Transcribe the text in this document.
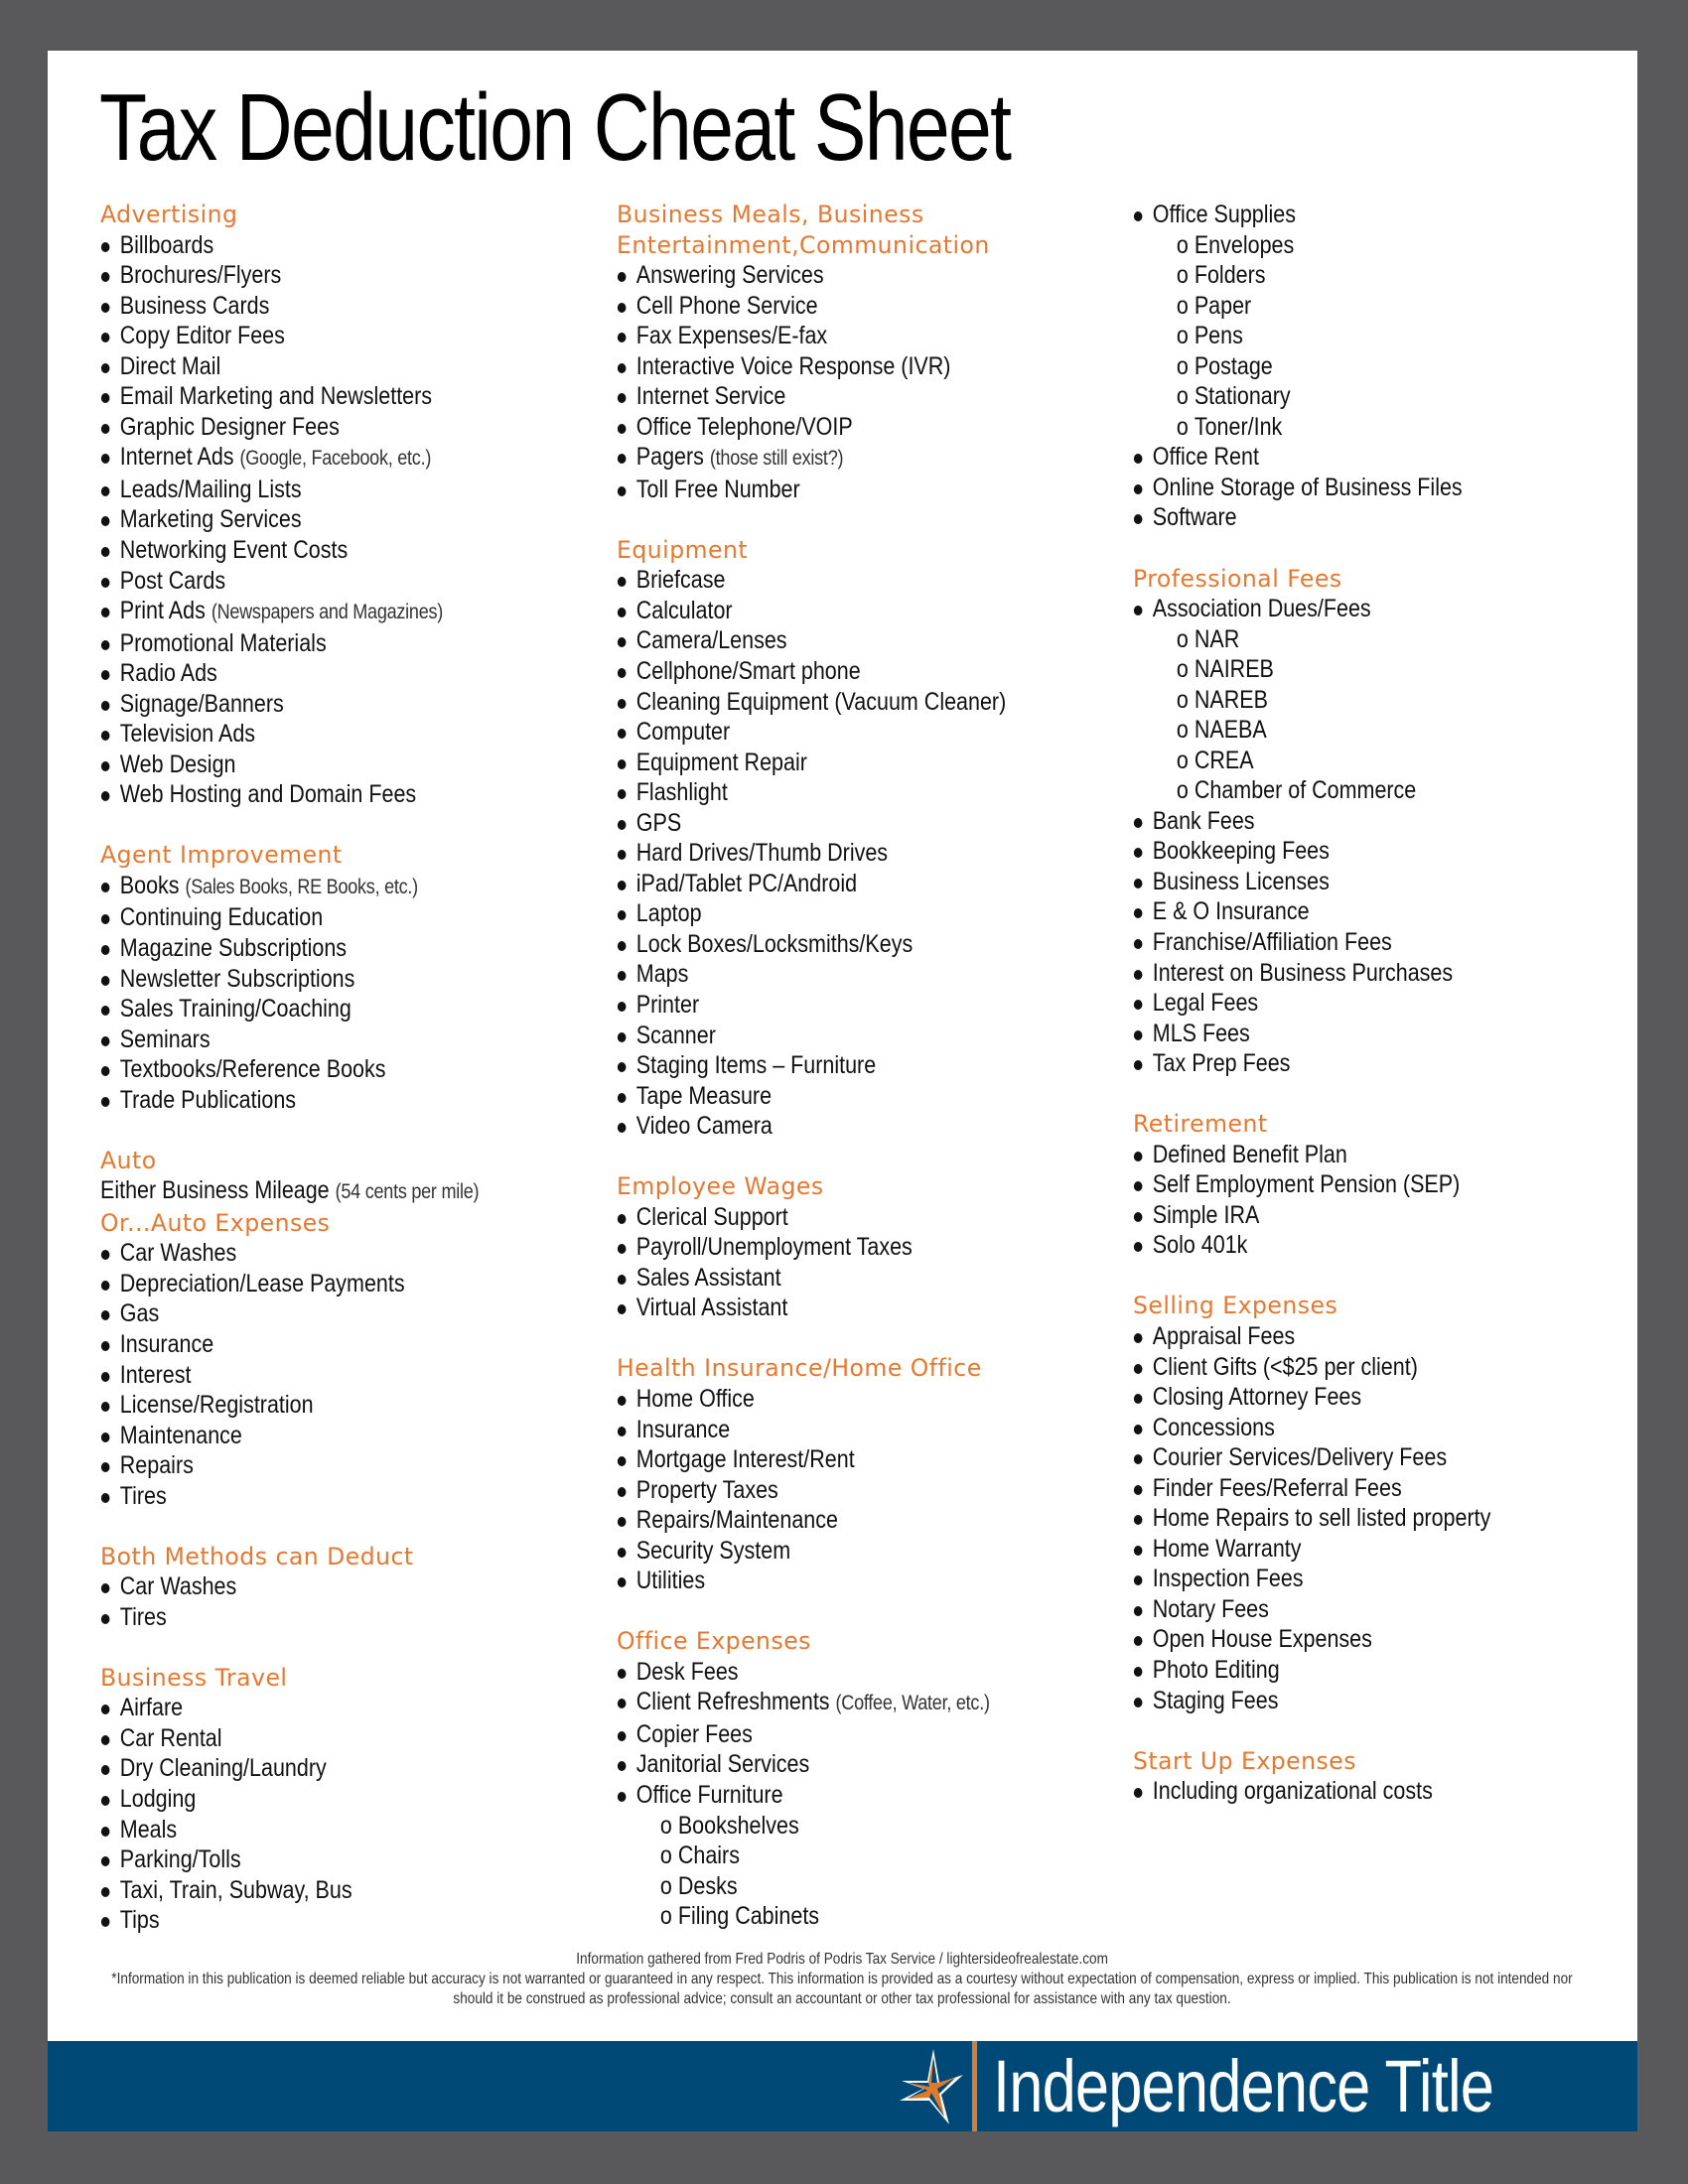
Tax Deduction Cheat Sheet
Advertising
Billboards
Brochures/Flyers
Business Cards
Copy Editor Fees
Direct Mail
Email Marketing and Newsletters
Graphic Designer Fees
Internet Ads (Google, Facebook, etc.)
Leads/Mailing Lists
Marketing Services
Networking Event Costs
Post Cards
Print Ads (Newspapers and Magazines)
Promotional Materials
Radio Ads
Signage/Banners
Television Ads
Web Design
Web Hosting and Domain Fees
Agent Improvement
Books (Sales Books, RE Books, etc.)
Continuing Education
Magazine Subscriptions
Newsletter Subscriptions
Sales Training/Coaching
Seminars
Textbooks/Reference Books
Trade Publications
Auto
Either Business Mileage (54 cents per mile)
Or...Auto Expenses
Car Washes
Depreciation/Lease Payments
Gas
Insurance
Interest
License/Registration
Maintenance
Repairs
Tires
Both Methods can Deduct
Car Washes
Tires
Business Travel
Airfare
Car Rental
Dry Cleaning/Laundry
Lodging
Meals
Parking/Tolls
Taxi, Train, Subway, Bus
Tips
Business Meals, Business
Entertainment,Communication
Answering Services
Cell Phone Service
Fax Expenses/E-fax
Interactive Voice Response (IVR)
Internet Service
Office Telephone/VOIP
Pagers (those still exist?)
Toll Free Number
Equipment
Briefcase
Calculator
Camera/Lenses
Cellphone/Smart phone
Cleaning Equipment (Vacuum Cleaner)
Computer
Equipment Repair
Flashlight
GPS
Hard Drives/Thumb Drives
iPad/Tablet PC/Android
Laptop
Lock Boxes/Locksmiths/Keys
Maps
Printer
Scanner
Staging Items – Furniture
Tape Measure
Video Camera
Employee Wages
Clerical Support
Payroll/Unemployment Taxes
Sales Assistant
Virtual Assistant
Health Insurance/Home Office
Home Office
Insurance
Mortgage Interest/Rent
Property Taxes
Repairs/Maintenance
Security System
Utilities
Office Expenses
Desk Fees
Client Refreshments (Coffee, Water, etc.)
Copier Fees
Janitorial Services
Office Furniture
o Bookshelves
o Chairs
o Desks
o Filing Cabinets
Office Supplies
o Envelopes
o Folders
o Paper
o Pens
o Postage
o Stationary
o Toner/Ink
Office Rent
Online Storage of Business Files
Software
Professional Fees
Association Dues/Fees
o NAR
o NAIREB
o NAREB
o NAEBA
o CREA
o Chamber of Commerce
Bank Fees
Bookkeeping Fees
Business Licenses
E & O Insurance
Franchise/Affiliation Fees
Interest on Business Purchases
Legal Fees
MLS Fees
Tax Prep Fees
Retirement
Defined Benefit Plan
Self Employment Pension (SEP)
Simple IRA
Solo 401k
Selling Expenses
Appraisal Fees
Client Gifts (<$25 per client)
Closing Attorney Fees
Concessions
Courier Services/Delivery Fees
Finder Fees/Referral Fees
Home Repairs to sell listed property
Home Warranty
Inspection Fees
Notary Fees
Open House Expenses
Photo Editing
Staging Fees
Start Up Expenses
Including organizational costs
Information gathered from Fred Podris of Podris Tax Service / lightersideofrealestate.com
*Information in this publication is deemed reliable but accuracy is not warranted or guaranteed in any respect. This information is provided as a courtesy without expectation of compensation, express or implied. This publication is not intended nor should it be construed as professional advice; consult an accountant or other tax professional for assistance with any tax question.
Independence Title
